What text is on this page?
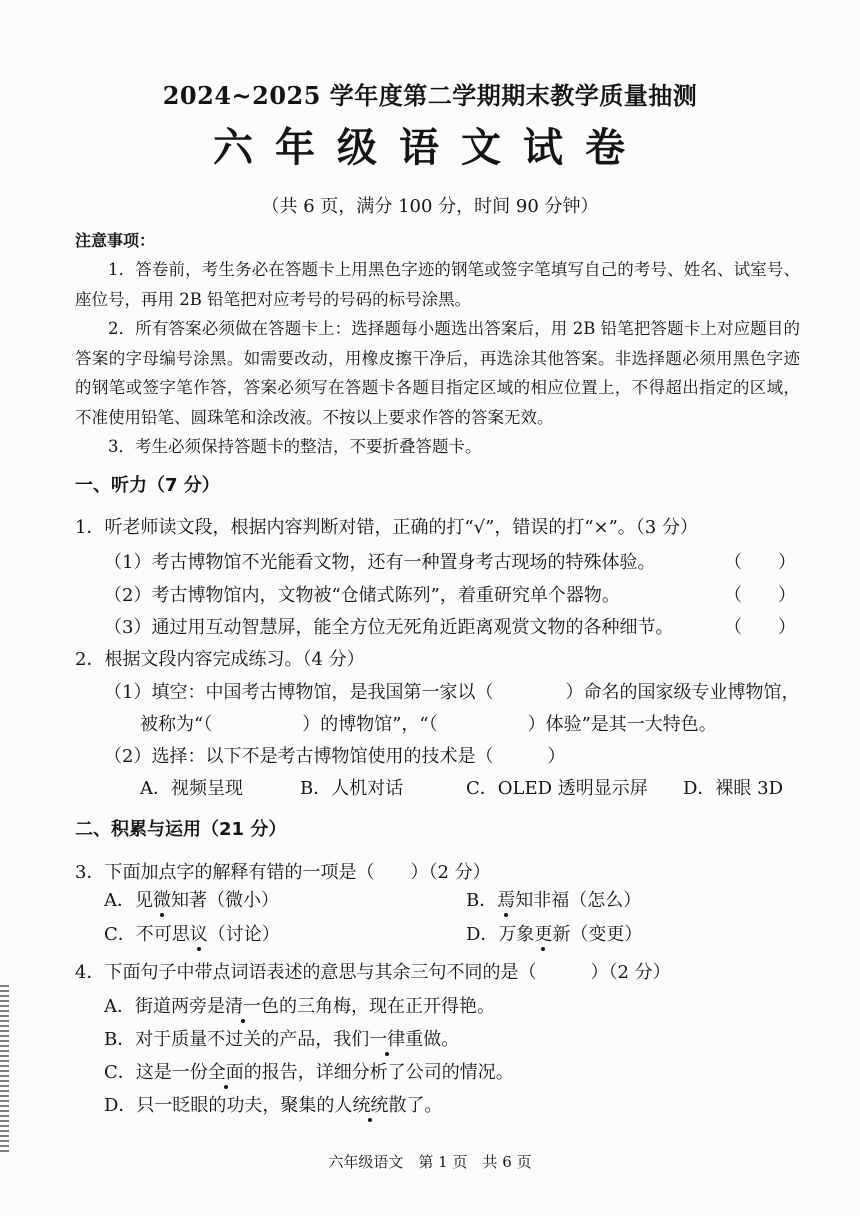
2024~2025 学年度第二学期期末教学质量抽测
六年级语文试卷
（共 6 页，满分 100 分，时间 90 分钟）
注意事项：
1．答卷前，考生务必在答题卡上用黑色字迹的钢笔或签字笔填写自己的考号、姓名、试室号、座位号，再用 2B 铅笔把对应考号的号码的标号涂黑。
2．所有答案必须做在答题卡上：选择题每小题选出答案后，用 2B 铅笔把答题卡上对应题目的答案的字母编号涂黑。如需要改动，用橡皮擦干净后，再选涂其他答案。非选择题必须用黑色字迹的钢笔或签字笔作答，答案必须写在答题卡各题目指定区域的相应位置上，不得超出指定的区域，不准使用铅笔、圆珠笔和涂改液。不按以上要求作答的答案无效。
3．考生必须保持答题卡的整洁，不要折叠答题卡。
一、听力（7 分）
1．听老师读文段，根据内容判断对错，正确的打“√”，错误的打“×”。（3 分）
（1）考古博物馆不光能看文物，还有一种置身考古现场的特殊体验。	（　　）
（2）考古博物馆内，文物被“仓储式陈列”，着重研究单个器物。	（　　）
（3）通过用互动智慧屏，能全方位无死角近距离观赏文物的各种细节。	（　　）
2．根据文段内容完成练习。（4 分）
（1）填空：中国考古博物馆，是我国第一家以（　　　　）命名的国家级专业博物馆，
被称为“（　　　　　）的博物馆”，“（　　　　　）体验”是其一大特色。
（2）选择：以下不是考古博物馆使用的技术是（　　　）
A．视频呈现	B．人机对话	C．OLED 透明显示屏 D．裸眼 3D
二、积累与运用（21 分）
3．下面加点字的解释有错的一项是（　　）（2 分）
A．见微知著（微小）	B．焉知非福（怎么）
C．不可思议（讨论）	D．万象更新（变更）
4．下面句子中带点词语表述的意思与其余三句不同的是（　　　）（2 分）
A．街道两旁是清一色的三角梅，现在正开得艳。
B．对于质量不过关的产品，我们一律重做。
C．这是一份全面的报告，详细分析了公司的情况。
D．只一眨眼的功夫，聚集的人统统散了。
六年级语文　第 1 页　共 6 页
